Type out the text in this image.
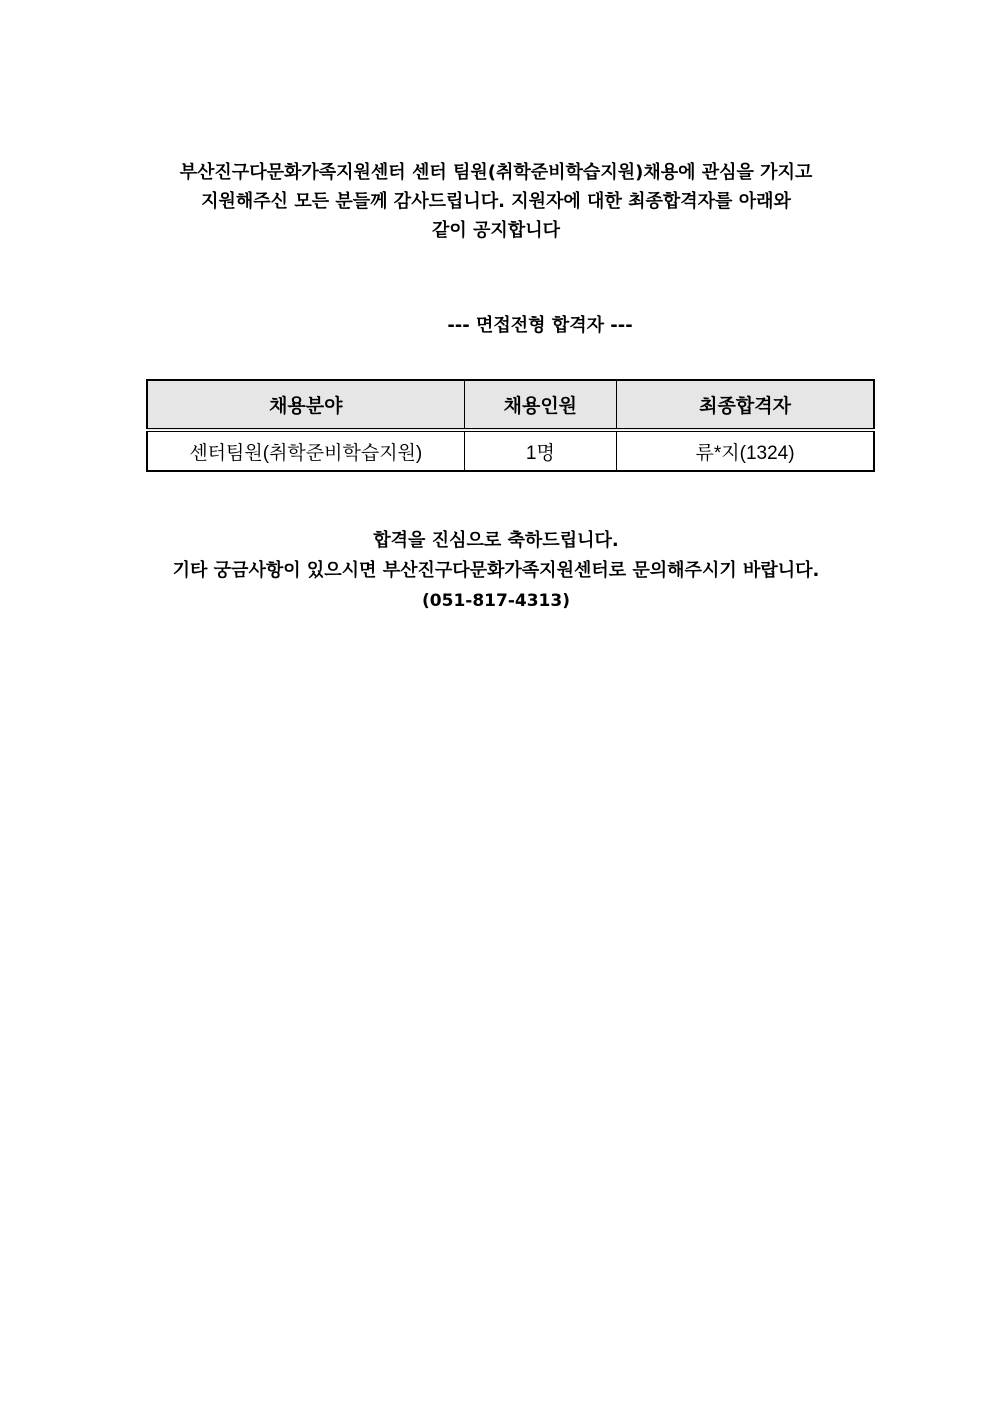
부산진구다문화가족지원센터 센터 팀원(취학준비학습지원)채용에 관심을 가지고

지원해주신 모든 분들께 감사드립니다. 지원자에 대한 최종합격자를 아래와

같이 공지합니다

--- 면접전형 합격자 ---
채용분야	채용인원	최종합격자
센터팀원(취학준비학습지원)	1명	류*지(1324)

합격을 진심으로 축하드립니다.

기타 궁금사항이 있으시면 부산진구다문화가족지원센터로 문의해주시기 바랍니다.

(051-817-4313)
